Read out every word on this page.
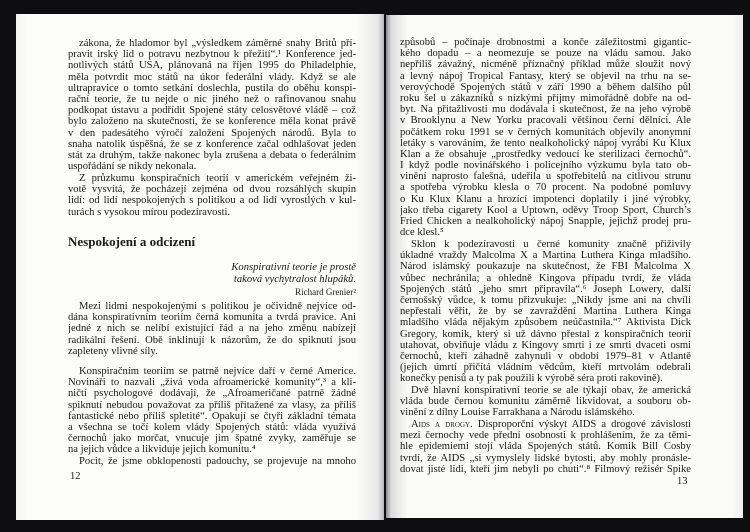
zákona, že hladomor byl „výsledkem záměrné snahy Britů pří-
pravit irský lid o potravu nezbytnou k přežití“.¹ Konference jed-
notlivých států USA, plánovaná na říjen 1995 do Philadelphie,
měla potvrdit moc států na úkor federální vlády. Když se ale
ultrapravice o tomto setkání doslechla, pustila do oběhu konspi-
rační teorie, že tu nejde o nic jiného než o rafinovanou snahu
podkopat ústavu a podřídit Spojené státy celosvětové vládě – což
bylo založeno na skutečnosti, že se konference měla konat právě
v den padesátého výročí založení Spojených národů. Byla to
snaha natolik úspěšná, že se z konference začal odhlašovat jeden
stát za druhým, takže nakonec byla zrušena a debata o federálním
uspořádání se nikdy nekonala.
Z průzkumu konspiračních teorií v americkém veřejném ži-
votě vysvítá, že pocházejí zejména od dvou rozsáhlých skupin
lidí: od lidí nespokojených s politikou a od lidí vyrostlých v kul-
turách s vysokou mírou podezíravosti.
Nespokojení a odcizení
Konspirativní teorie je prostě
taková vychytralost hlupáků.
Richard Grenier²
Mezi lidmi nespokojenými s politikou je očividně nejvíce od-
dána konspirativním teoriím černá komunita a tvrdá pravice. Ani
jedné z nich se nelíbí existující řád a na jeho změnu nabízejí
radikální řešení. Obě inklinují k názorům, že do spiknutí jsou
zapleteny vlivné síly.
Konspiračním teoriím se patrně nejvíce daří v černé Americe.
Novináři to nazvali „živá voda afroamerické komunity“,³ a kli-
ničtí psychologové dodávají, že „Afroameričané patrně žádné
spiknutí nebudou považovat za příliš přitažené za vlasy, za příliš
fantastické nebo příliš spletité“. Opakují se čtyři základní témata
a všechna se točí kolem vlády Spojených států: vláda využívá
černochů jako morčat, vnucuje jim špatné zvyky, zaměřuje se
na jejich vůdce a likviduje jejich komunitu.⁴
Pocit, že jsme obklopenosti padouchy, se projevuje na mnoho
12
způsobů – počínaje drobnostmi a konče záležitostmi gigantic-
kého dopadu – a neomezuje se pouze na vládu samou. Jako
nepříliš závažný, nicméně příznačný příklad může sloužit nový
a levný nápoj Tropical Fantasy, který se objevil na trhu na se-
verovýchodě Spojených států v září 1990 a během dalšího půl
roku šel u zákazníků s nízkými příjmy mimořádně dobře na od-
byt. Na přitažlivosti mu dodávala i skutečnost, že na jeho výrobě
v Brooklynu a New Yorku pracovali většinou černí dělníci. Ale
počátkem roku 1991 se v černých komunitách objevily anonymní
letáky s varováním, že tento nealkoholický nápoj vyrábí Ku Klux
Klan a že obsahuje „prostředky vedoucí ke sterilizaci černochů“.
I když podle novinářského i policejního výzkumu byla tato ob-
vinění naprosto falešná, udeřila u spotřebitelů na citlivou strunu
a spotřeba výrobku klesla o 70 procent. Na podobné pomluvy
o Ku Klux Klanu a hrozící impotenci doplatily i jiné výrobky,
jako třeba cigarety Kool a Uptown, oděvy Troop Sport, Church’s
Fried Chicken a nealkoholický nápoj Snapple, jejichž prodej pru-
dce klesl.⁵
Sklon k podezíravosti u černé komunity značně přiživily
úkladné vraždy Malcolma X a Martina Luthera Kinga mladšího.
Národ islámský poukazuje na skutečnost, že FBI Malcolma X
vůbec nechránila; a ohledně Kingova případu tvrdí, že vláda
Spojených států „jeho smrt připravila“.⁶ Joseph Lowery, další
černošský vůdce, k tomu přizvukuje: „Nikdy jsme ani na chvíli
nepřestali věřit, že by se zavraždění Martina Luthera Kinga
mladšího vláda nějakým způsobem neúčastnila.“⁷ Aktivista Dick
Gregory, komik, který si už dávno přestal z konspiračních teorií
utahovat, obviňuje vládu z Kingovy smrti i ze smrti dvaceti osmi
černochů, kteří záhadně zahynuli v období 1979–81 v Atlantě
(jejich úmrtí přičítá vládním vědcům, kteří mrtvolám odebrali
konečky penisů a ty pak použili k výrobě séra proti rakovině).
Dvě hlavní konspirativní teorie se ale týkají obav, že americká
vláda bude černou komunitu záměrně likvidovat, a souboru ob-
vinění z dílny Louise Farrakhana a Národu islámského.
Aids a drogy. Disproporční výskyt AIDS a drogové závislosti
mezi černochy vede přední osobnosti k prohlášením, že za těmi-
hle epidemiemi stojí vláda Spojených států. Komik Bill Cosby
tvrdí, že AIDS „si vymyslely lidské bytosti, aby mohly pronásle-
dovat jisté lidi, kteří jim nebyli po chuti“.⁸ Filmový režisér Spike
13
